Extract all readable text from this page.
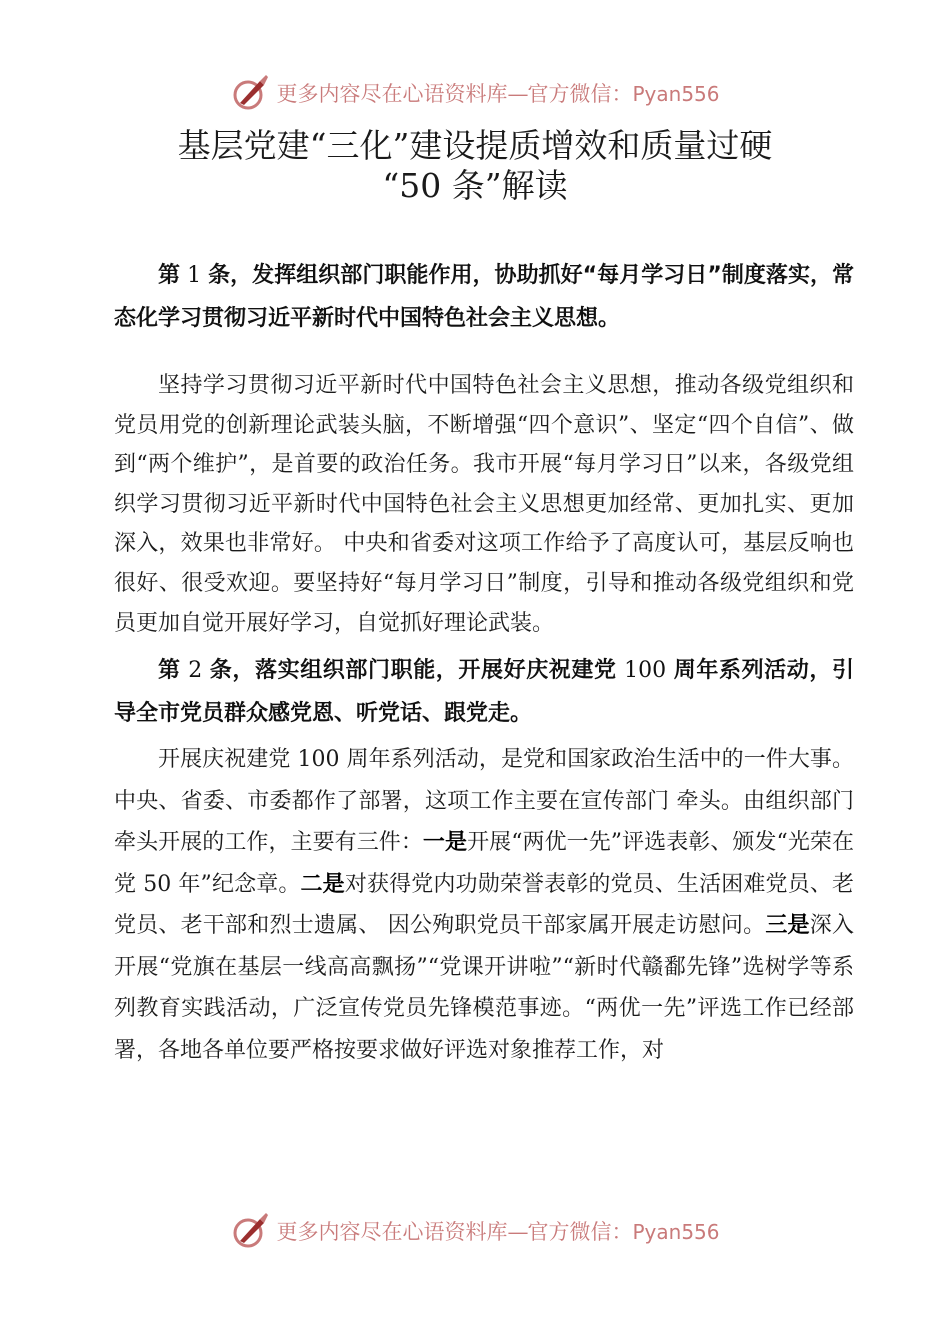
更多内容尽在心语资料库—官方微信：Pyan556
基层党建“三化”建设提质增效和质量过硬
“50 条”解读

第 1 条，发挥组织部门职能作用，协助抓好“每月学习日”制度落实，常态化学习贯彻习近平新时代中国特色社会主义思想。

坚持学习贯彻习近平新时代中国特色社会主义思想，推动各级党组织和党员用党的创新理论武装头脑，不断增强“四个意识”、坚定“四个自信”、做到“两个维护”，是首要的政治任务。我市开展“每月学习日”以来，各级党组织学习贯彻习近平新时代中国特色社会主义思想更加经常、更加扎实、更加深入，效果也非常好。 中央和省委对这项工作给予了高度认可，基层反响也很好、很受欢迎。要坚持好“每月学习日”制度，引导和推动各级党组织和党员更加自觉开展好学习，自觉抓好理论武装。

第 2 条，落实组织部门职能，开展好庆祝建党 100 周年系列活动，引导全市党员群众感党恩、听党话、跟党走。

开展庆祝建党 100 周年系列活动，是党和国家政治生活中的一件大事。中央、省委、市委都作了部署，这项工作主要在宣传部门 牵头。由组织部门牵头开展的工作，主要有三件：一是开展“两优一先”评选表彰、颁发“光荣在党 50 年”纪念章。二是对获得党内功勋荣誉表彰的党员、生活困难党员、老党员、老干部和烈士遗属、 因公殉职党员干部家属开展走访慰问。三是深入开展“党旗在基层一线高高飘扬”“党课开讲啦”“新时代赣鄱先锋”选树学等系列教育实践活动，广泛宣传党员先锋模范事迹。“两优一先”评选工作已经部署，各地各单位要严格按要求做好评选对象推荐工作，对

更多内容尽在心语资料库—官方微信：Pyan556
